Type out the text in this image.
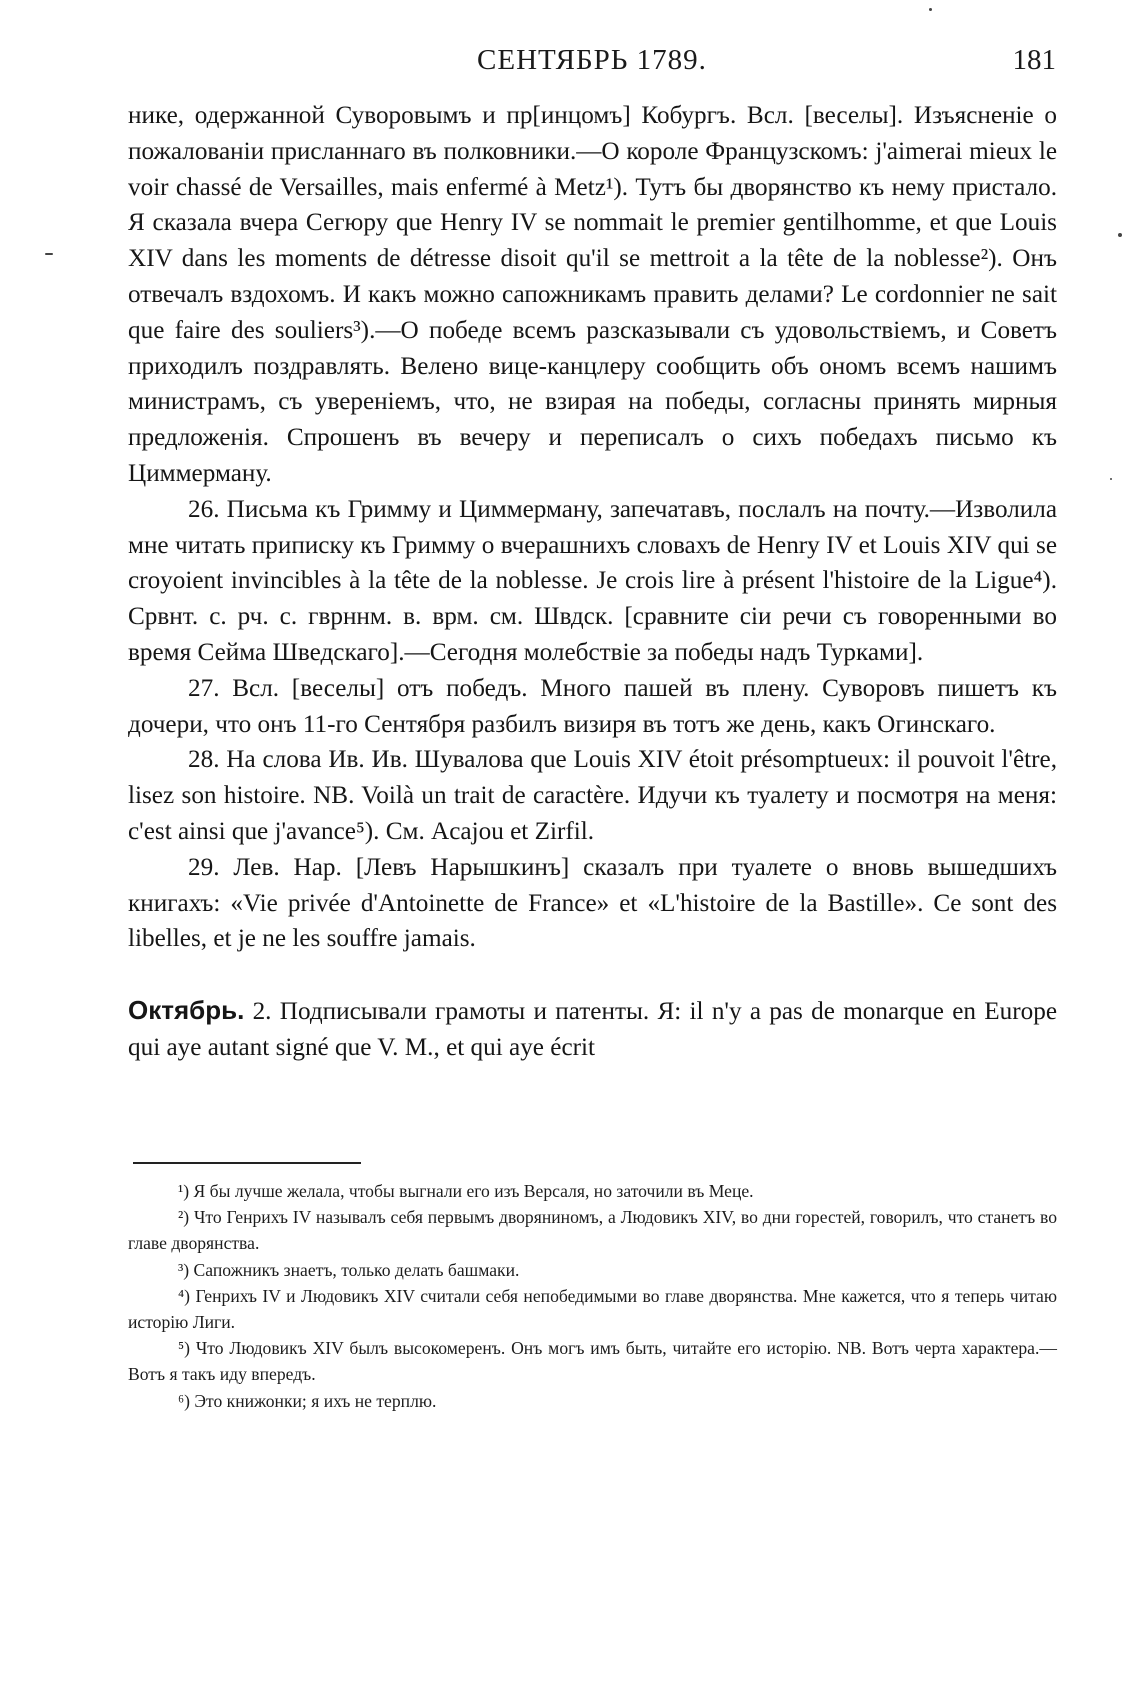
СЕНТЯБРЬ 1789.	181

нике, одержанной Суворовымъ и пр[инцомъ] Кобургъ. Всл. [веселы]. Изъясненіе о пожалованіи присланнаго въ полковники.—О короле Французскомъ: j'aimerai mieux le voir chassé de Versailles, mais enfermé à Metz¹). Тутъ бы дворянство къ нему пристало. Я сказала вчера Сегюру que Henry IV se nommait le premier gentilhomme, et que Louis XIV dans les moments de détresse disoit qu'il se mettroit a la tête de la noblesse²). Онъ отвечалъ вздохомъ. И какъ можно сапожникамъ править делами? Le cordonnier ne sait que faire des souliers³).—О победе всемъ разсказывали съ удовольствіемъ, и Советъ приходилъ поздравлять. Велено вице-канцлеру сообщить объ ономъ всемъ нашимъ министрамъ, съ увереніемъ, что, не взирая на победы, согласны принять мирныя предложенія. Спрошенъ въ вечеру и переписалъ о сихъ победахъ письмо къ Циммерману.

26. Письма къ Гримму и Циммерману, запечатавъ, послалъ на почту.—Изволила мне читать приписку къ Гримму о вчерашнихъ словахъ de Henry IV et Louis XIV qui se croyoient invincibles à la tête de la noblesse. Je crois lire à présent l'histoire de la Ligue⁴). Срвнт. с. рч. с. гврннм. в. врм. см. Швдск. [сравните сіи речи съ говоренными во время Сейма Шведскаго].—Сегодня молебствіе за победы надъ Турками].

27. Всл. [веселы] отъ победъ. Много пашей въ плену. Суворовъ пишетъ къ дочери, что онъ 11-го Сентября разбилъ визиря въ тотъ же день, какъ Огинскаго.

28. На слова Ив. Ив. Шувалова que Louis XIV étoit présomptueux: il pouvoit l'être, lisez son histoire. NB. Voilà un trait de caractère. Идучи къ туалету и посмотря на меня: c'est ainsi que j'avance⁵). См. Acajou et Zirfil.

29. Лев. Нар. [Левъ Нарышкинъ] сказалъ при туалете о вновь вышедшихъ книгахъ: «Vie privée d'Antoinette de France» et «L'histoire de la Bastille». Ce sont des libelles, et je ne les souffre jamais.

Октябрь. 2. Подписывали грамоты и патенты. Я: il n'y a pas de monarque en Europe qui aye autant signé que V. M., et qui aye écrit

¹) Я бы лучше желала, чтобы выгнали его изъ Версаля, но заточили въ Меце.

²) Что Генрихъ IV называлъ себя первымъ дворяниномъ, а Людовикъ XIV, во дни горестей, говорилъ, что станетъ во главе дворянства.

³) Сапожникъ знаетъ, только делать башмаки.

⁴) Генрихъ IV и Людовикъ XIV считали себя непобедимыми во главе дворянства. Мне кажется, что я теперь читаю исторію Лиги.

⁵) Что Людовикъ XIV былъ высокомеренъ. Онъ могъ имъ быть, читайте его исторію. NB. Вотъ черта характера.—Вотъ я такъ иду впередъ.

⁶) Это книжонки; я ихъ не терплю.
